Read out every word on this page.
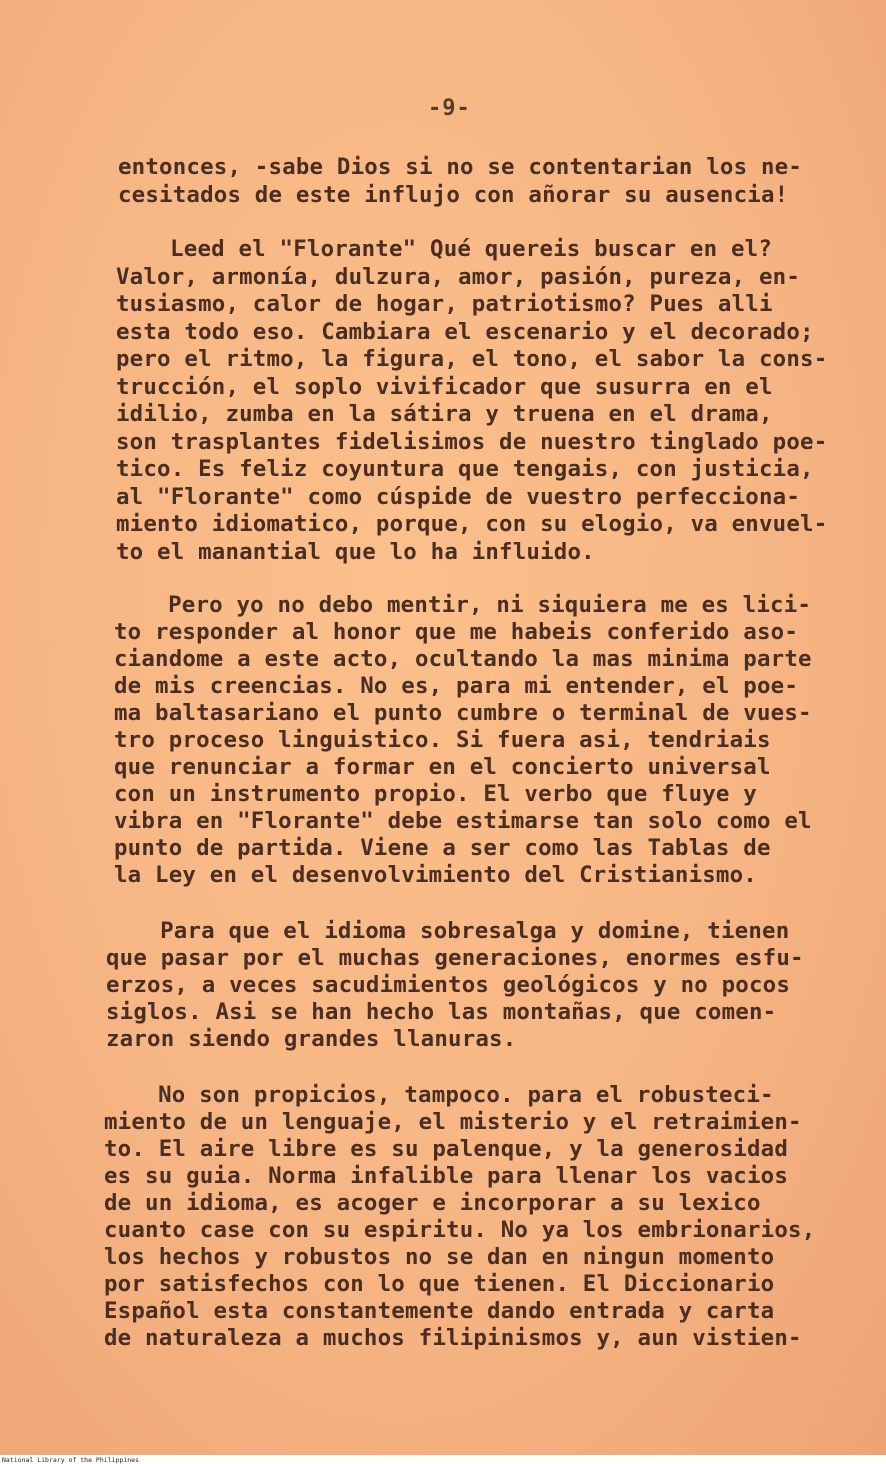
-9-
entonces, -sabe Dios si no se contentarian los ne-
cesitados de este influjo con añorar su ausencia!
Leed el "Florante" Qué quereis buscar en el?
Valor, armonía, dulzura, amor, pasión, pureza, en-
tusiasmo, calor de hogar, patriotismo? Pues alli
esta todo eso. Cambiara el escenario y el decorado;
pero el ritmo, la figura, el tono, el sabor la cons-
trucción, el soplo vivificador que susurra en el
idilio, zumba en la sátira y truena en el drama,
son trasplantes fidelisimos de nuestro tinglado poe-
tico. Es feliz coyuntura que tengais, con justicia,
al "Florante" como cúspide de vuestro perfecciona-
miento idiomatico, porque, con su elogio, va envuel-
to el manantial que lo ha influido.
Pero yo no debo mentir, ni siquiera me es lici-
to responder al honor que me habeis conferido aso-
ciandome a este acto, ocultando la mas minima parte
de mis creencias. No es, para mi entender, el poe-
ma baltasariano el punto cumbre o terminal de vues-
tro proceso linguistico. Si fuera asi, tendriais
que renunciar a formar en el concierto universal
con un instrumento propio. El verbo que fluye y
vibra en "Florante" debe estimarse tan solo como el
punto de partida. Viene a ser como las Tablas de
la Ley en el desenvolvimiento del Cristianismo.
Para que el idioma sobresalga y domine, tienen
que pasar por el muchas generaciones, enormes esfu-
erzos, a veces sacudimientos geológicos y no pocos
siglos. Asi se han hecho las montañas, que comen-
zaron siendo grandes llanuras.
No son propicios, tampoco. para el robusteci-
miento de un lenguaje, el misterio y el retraimien-
to. El aire libre es su palenque, y la generosidad
es su guia. Norma infalible para llenar los vacios
de un idioma, es acoger e incorporar a su lexico
cuanto case con su espiritu. No ya los embrionarios,
los hechos y robustos no se dan en ningun momento
por satisfechos con lo que tienen. El Diccionario
Español esta constantemente dando entrada y carta
de naturaleza a muchos filipinismos y, aun vistien-
National Library of the Philippines
